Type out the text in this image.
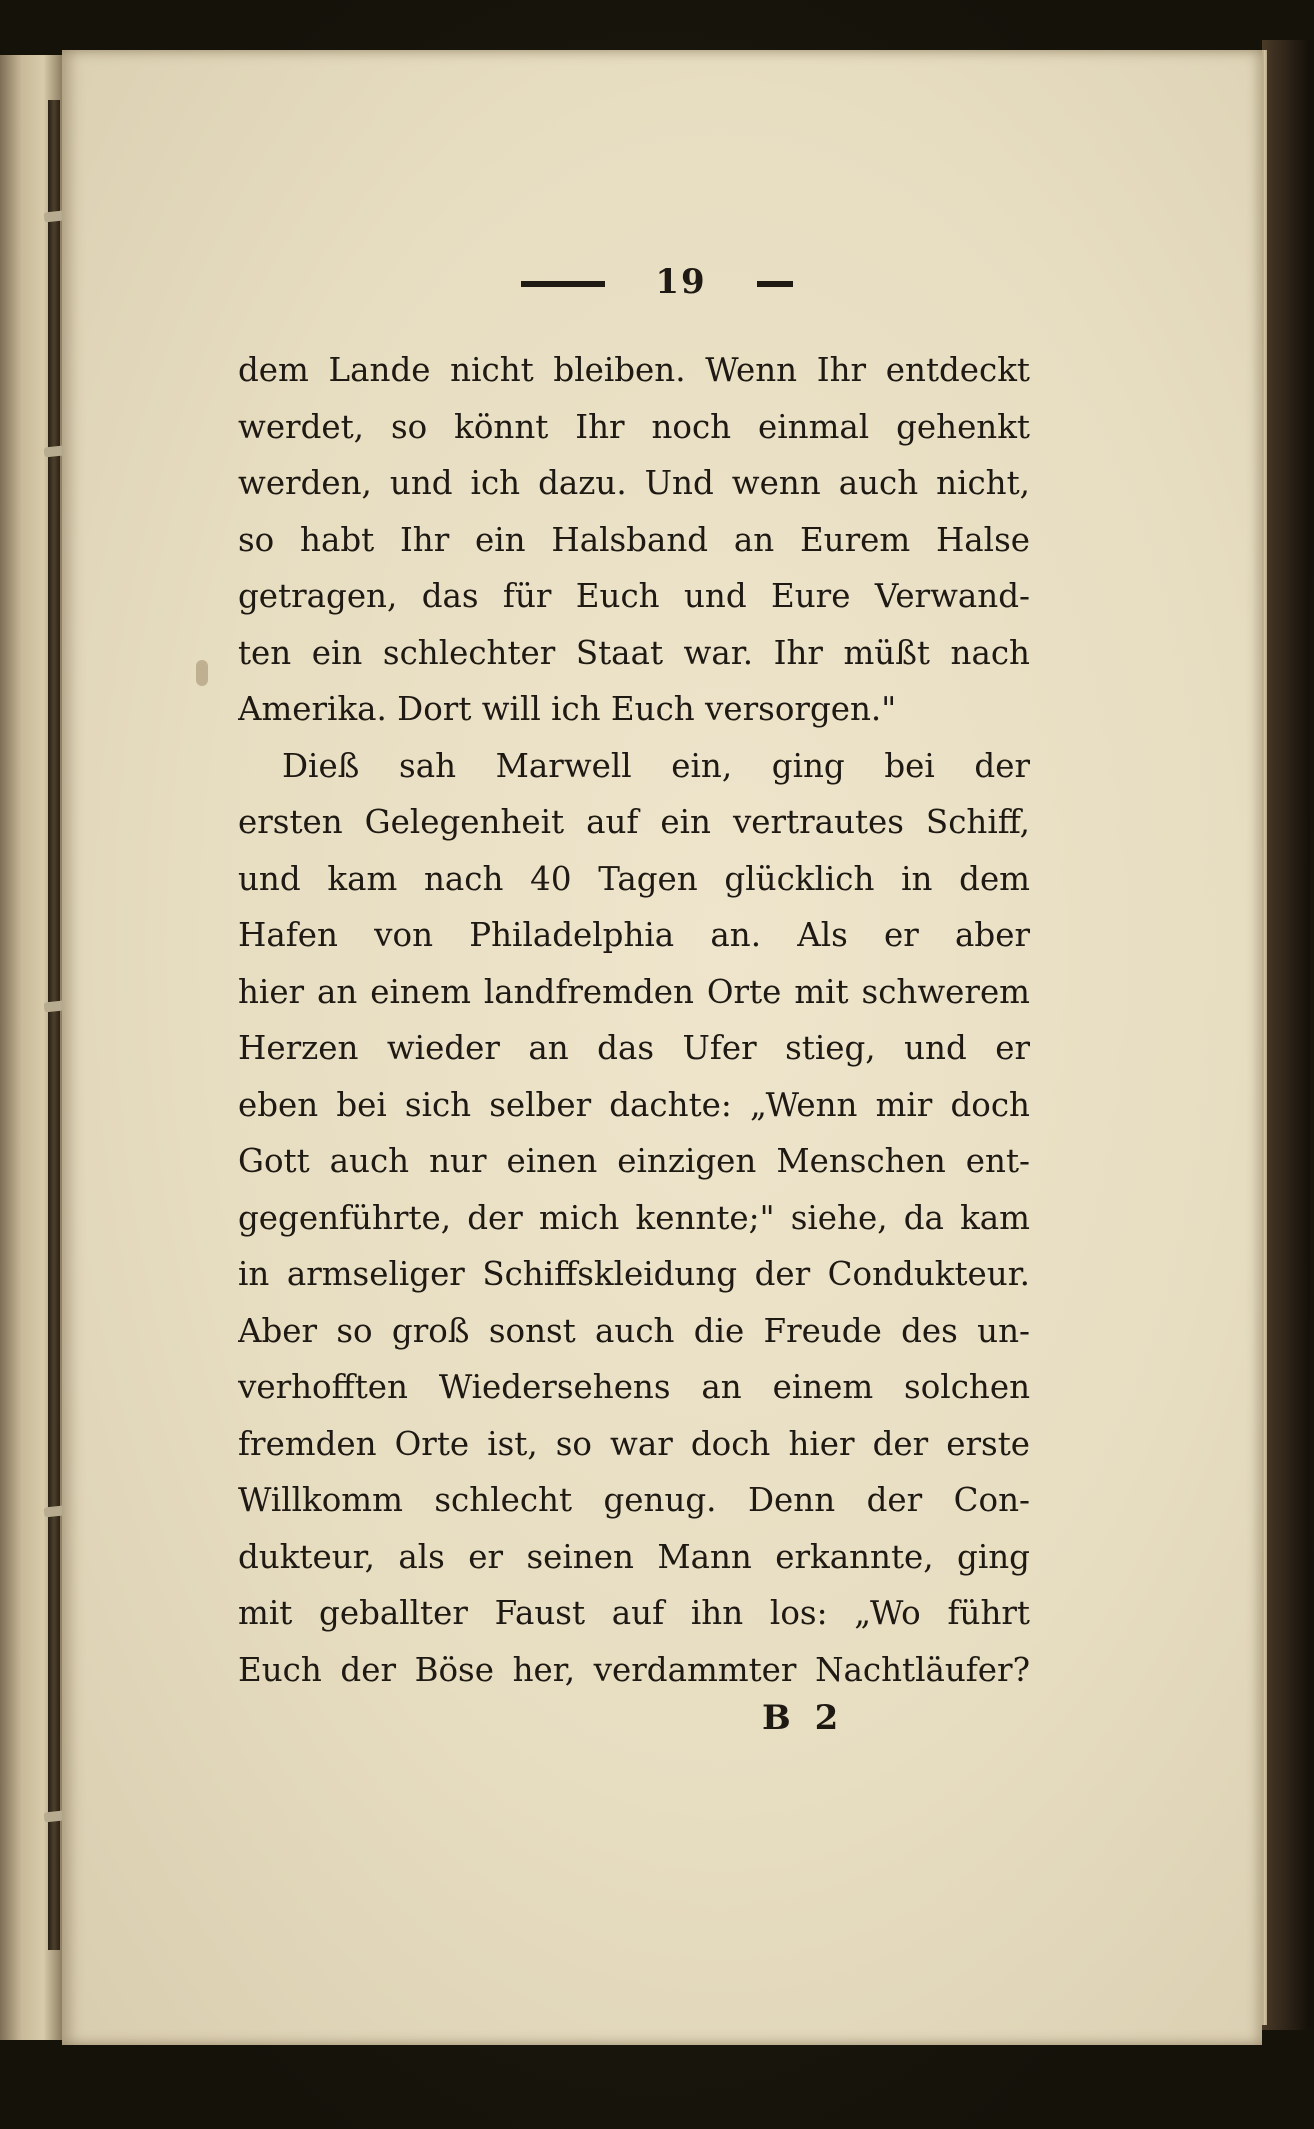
19
dem Lande nicht bleiben. Wenn Ihr entdeckt
werdet, so könnt Ihr noch einmal gehenkt
werden, und ich dazu. Und wenn auch nicht,
so habt Ihr ein Halsband an Eurem Halse
getragen, das für Euch und Eure Verwand-
ten ein schlechter Staat war. Ihr müßt nach
Amerika. Dort will ich Euch versorgen."
Dieß sah Marwell ein, ging bei der
ersten Gelegenheit auf ein vertrautes Schiff,
und kam nach 40 Tagen glücklich in dem
Hafen von Philadelphia an. Als er aber
hier an einem landfremden Orte mit schwerem
Herzen wieder an das Ufer stieg, und er
eben bei sich selber dachte: „Wenn mir doch
Gott auch nur einen einzigen Menschen ent-
gegenführte, der mich kennte;" siehe, da kam
in armseliger Schiffskleidung der Condukteur.
Aber so groß sonst auch die Freude des un-
verhofften Wiedersehens an einem solchen
fremden Orte ist, so war doch hier der erste
Willkomm schlecht genug. Denn der Con-
dukteur, als er seinen Mann erkannte, ging
mit geballter Faust auf ihn los: „Wo führt
Euch der Böse her, verdammter Nachtläufer?
B 2
